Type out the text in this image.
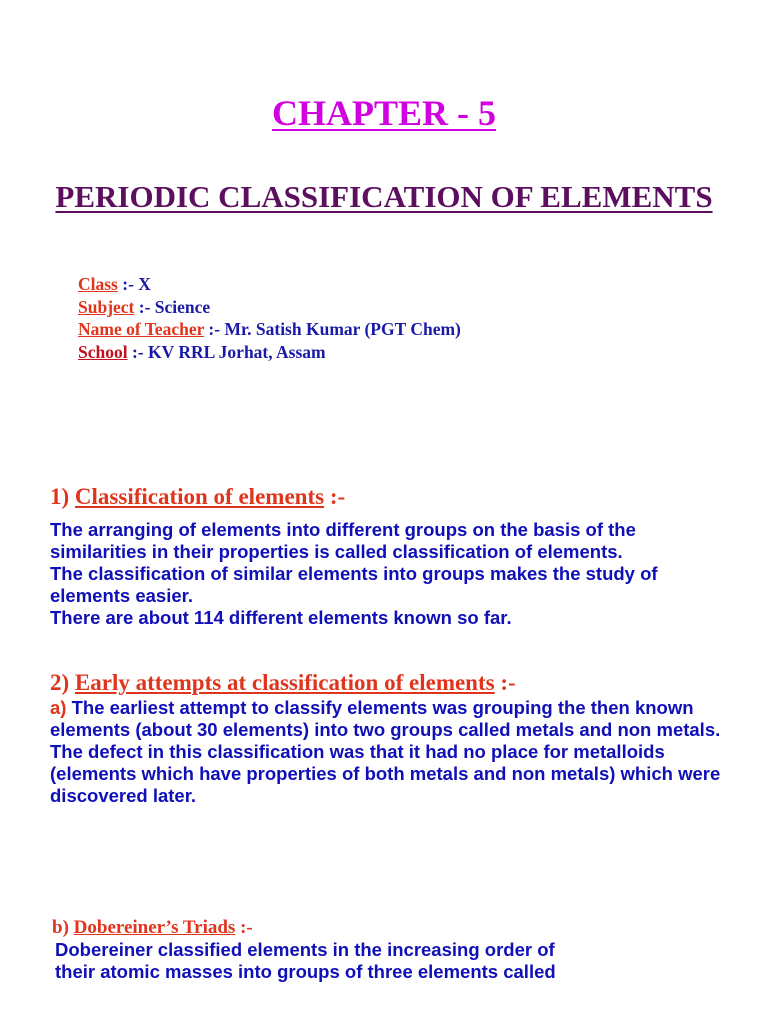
CHAPTER - 5
PERIODIC CLASSIFICATION OF ELEMENTS
Class :- X
Subject :- Science
Name of Teacher :- Mr. Satish Kumar (PGT Chem)
School :- KV RRL Jorhat, Assam
1) Classification of elements :-
The arranging of elements into different groups on the basis of the similarities in their properties is called classification of elements.
The classification of similar elements into groups makes the study of elements easier.
There are about 114 different elements known so far.
2) Early attempts at classification of elements :-
a) The earliest attempt to classify elements was grouping the then known elements (about 30 elements) into two groups called metals and non metals.
The defect in this classification was that it had no place for metalloids (elements which have properties of both metals and non metals) which were discovered later.
b) Dobereiner’s Triads :-
Dobereiner classified elements in the increasing order of
their atomic masses into groups of three elements called
